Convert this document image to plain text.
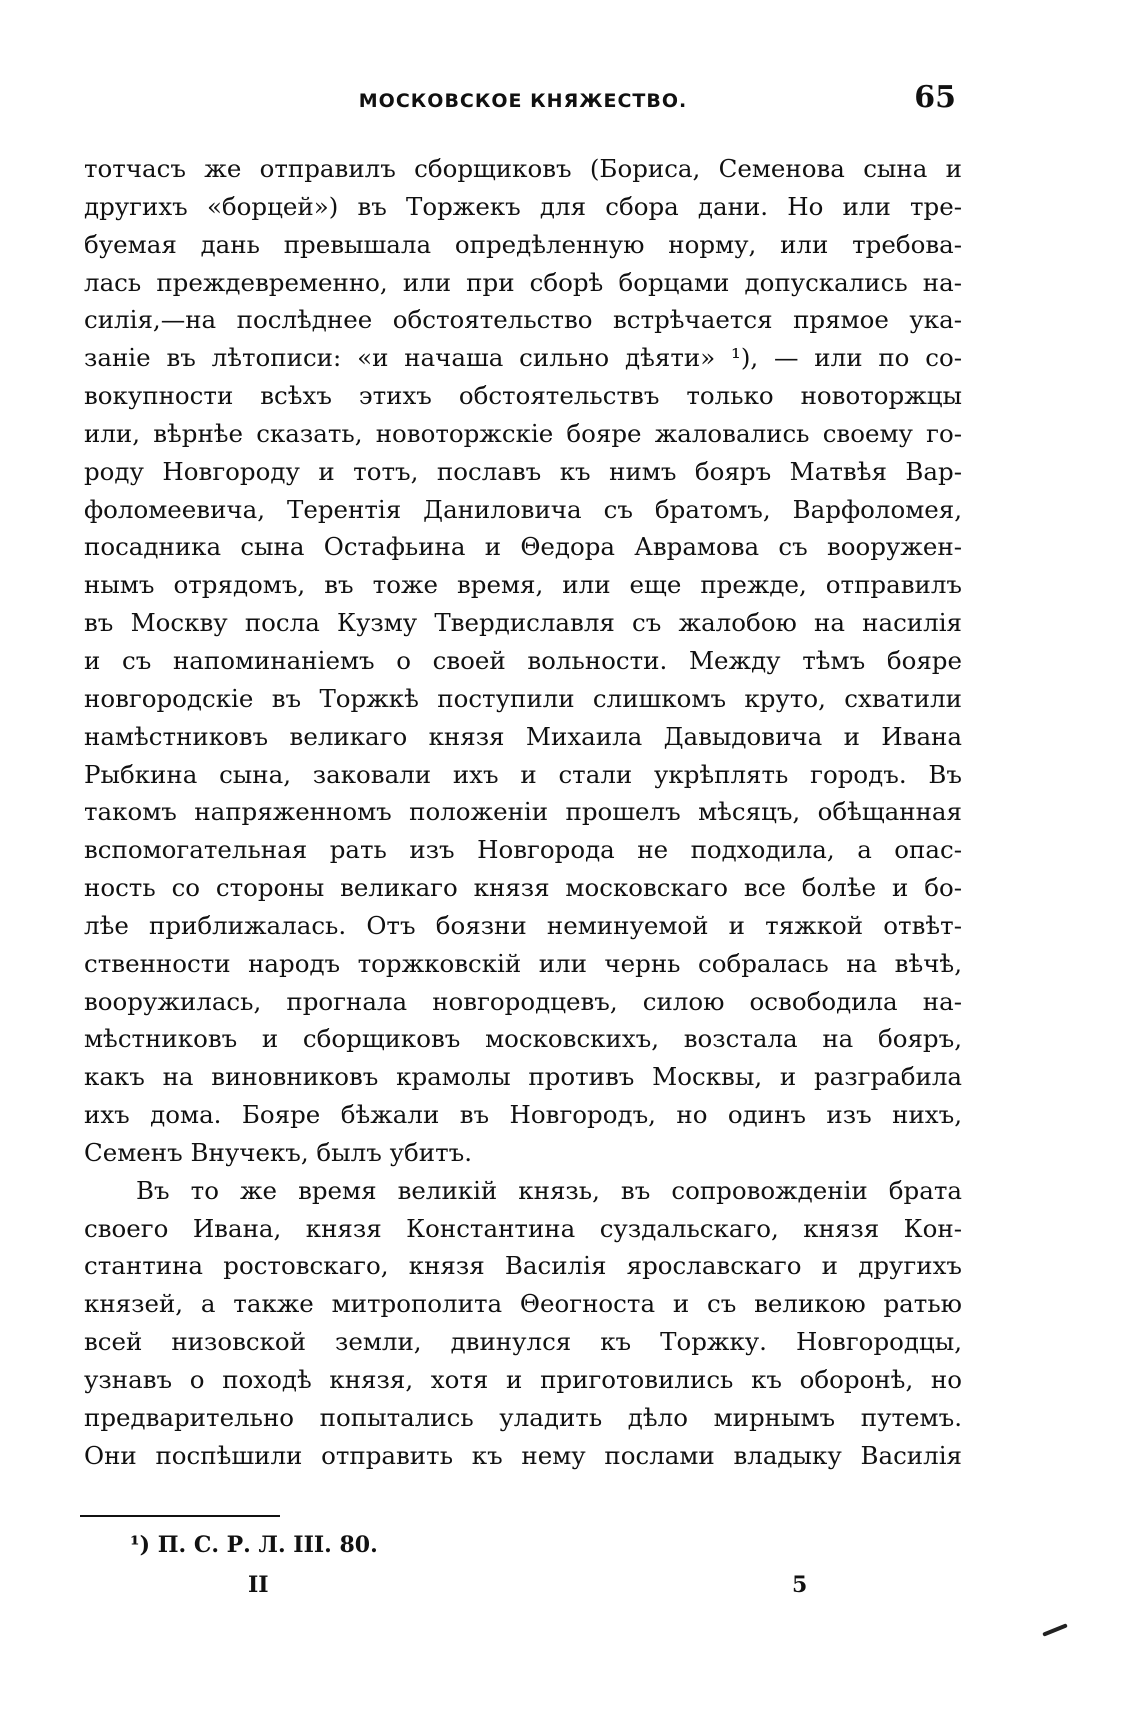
МОСКОВСКОЕ КНЯЖЕСТВО.	65
тотчасъ же отправилъ сборщиковъ (Бориса, Семенова сына и
другихъ «борцей») въ Торжекъ для сбора дани. Но или тре-
буемая дань превышала опредѣленную норму, или требова-
лась преждевременно, или при сборѣ борцами допускались на-
силія,—на послѣднее обстоятельство встрѣчается прямое ука-
заніе въ лѣтописи: «и начаша сильно дѣяти» ¹), — или по со-
вокупности всѣхъ этихъ обстоятельствъ только новоторжцы
или, вѣрнѣе сказать, новоторжскіе бояре жаловались своему го-
роду Новгороду и тотъ, пославъ къ нимъ бояръ Матвѣя Вар-
фоломеевича, Терентія Даниловича съ братомъ, Варфоломея,
посадника сына Остафьина и Θедора Аврамова съ вооружен-
нымъ отрядомъ, въ тоже время, или еще прежде, отправилъ
въ Москву посла Кузму Твердиславля съ жалобою на насилія
и съ напоминаніемъ о своей вольности. Между тѣмъ бояре
новгородскіе въ Торжкѣ поступили слишкомъ круто, схватили
намѣстниковъ великаго князя Михаила Давыдовича и Ивана
Рыбкина сына, заковали ихъ и стали укрѣплять городъ. Въ
такомъ напряженномъ положеніи прошелъ мѣсяцъ, обѣщанная
вспомогательная рать изъ Новгорода не подходила, а опас-
ность со стороны великаго князя московскаго все болѣе и бо-
лѣе приближалась. Отъ боязни неминуемой и тяжкой отвѣт-
ственности народъ торжковскій или чернь собралась на вѣчѣ,
вооружилась, прогнала новгородцевъ, силою освободила на-
мѣстниковъ и сборщиковъ московскихъ, возстала на бояръ,
какъ на виновниковъ крамолы противъ Москвы, и разграбила
ихъ дома. Бояре бѣжали въ Новгородъ, но одинъ изъ нихъ,
Семенъ Внучекъ, былъ убитъ.
Въ то же время великій князь, въ сопровожденіи брата
своего Ивана, князя Константина суздальскаго, князя Кон-
стантина ростовскаго, князя Василія ярославскаго и другихъ
князей, а также митрополита Θеогноста и съ великою ратью
всей низовской земли, двинулся къ Торжку. Новгородцы,
узнавъ о походѣ князя, хотя и приготовились къ оборонѣ, но
предварительно попытались уладить дѣло мирнымъ путемъ.
Они поспѣшили отправить къ нему послами владыку Василія
¹) П. С. Р. Л. III. 80.
II	5
